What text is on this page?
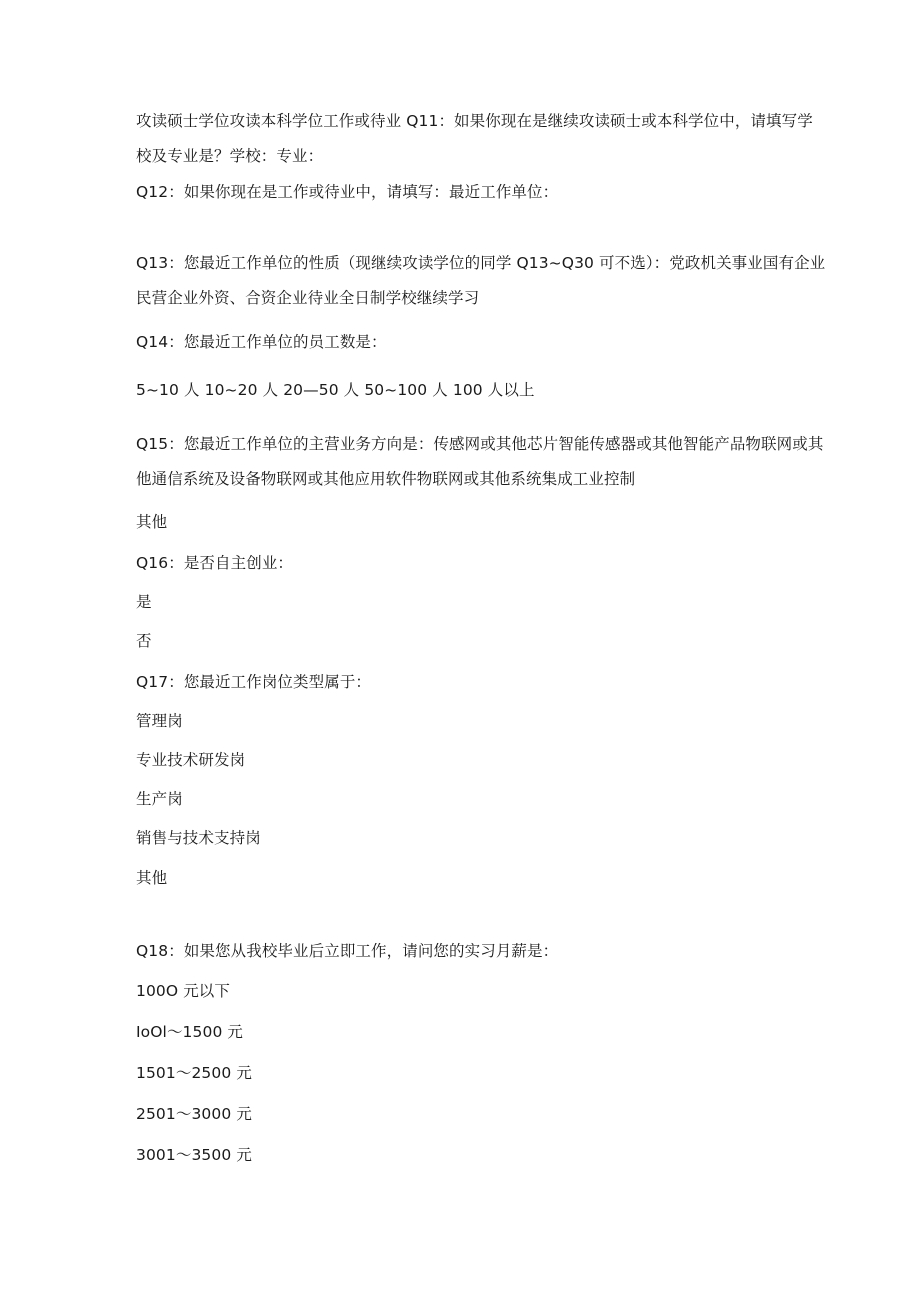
攻读硕士学位攻读本科学位工作或待业 Q11：如果你现在是继续攻读硕士或本科学位中，请填写学校及专业是？学校：专业：
Q12：如果你现在是工作或待业中，请填写：最近工作单位：
Q13：您最近工作单位的性质（现继续攻读学位的同学 Q13~Q30 可不选）：党政机关事业国有企业民营企业外资、合资企业待业全日制学校继续学习
Q14：您最近工作单位的员工数是：
5~10 人 10~20 人 20—50 人 50~100 人 100 人以上
Q15：您最近工作单位的主营业务方向是：传感网或其他芯片智能传感器或其他智能产品物联网或其他通信系统及设备物联网或其他应用软件物联网或其他系统集成工业控制
其他
Q16：是否自主创业：
是
否
Q17：您最近工作岗位类型属于：
管理岗
专业技术研发岗
生产岗
销售与技术支持岗
其他
Q18：如果您从我校毕业后立即工作，请问您的实习月薪是：
100O 元以下
IoOl～1500 元
1501～2500 元
2501～3000 元
3001～3500 元
